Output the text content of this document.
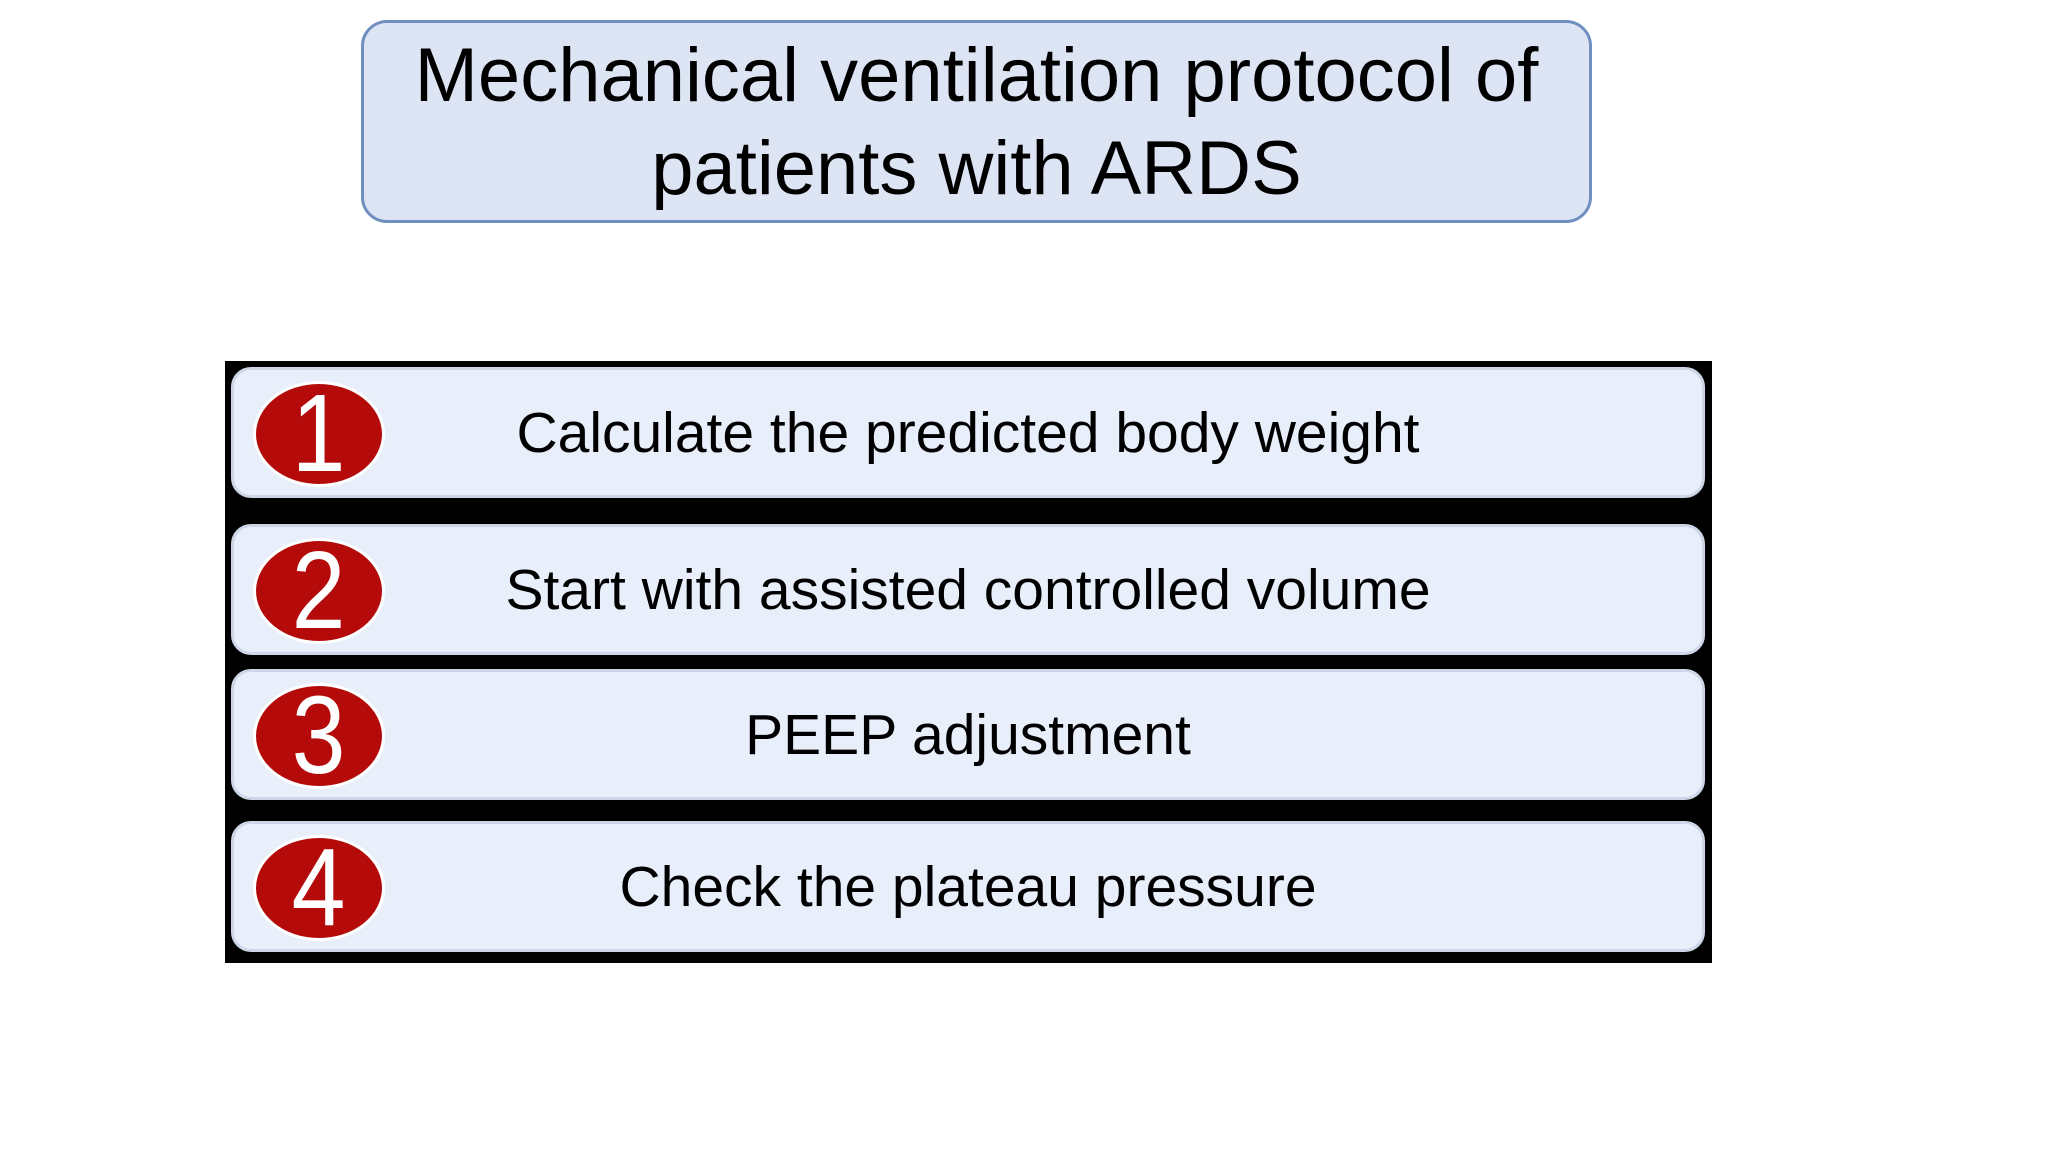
Mechanical ventilation protocol of patients with ARDS
1	Calculate the predicted body weight
2	Start with assisted controlled volume
3	PEEP adjustment
4	Check the plateau pressure
